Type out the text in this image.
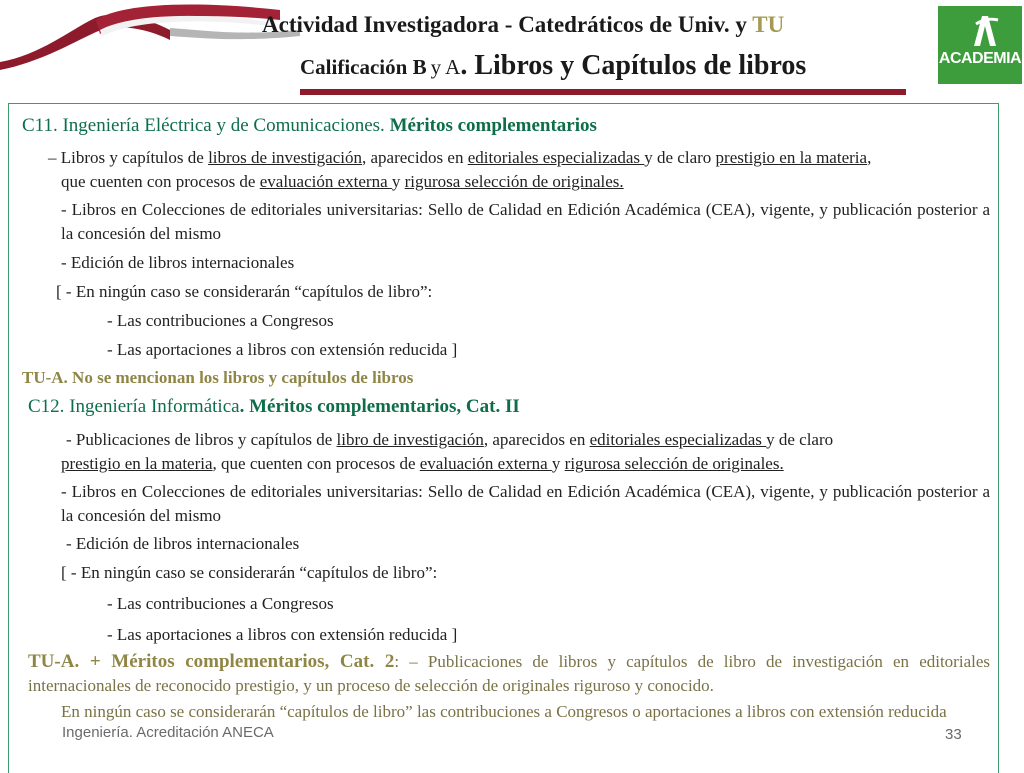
Actividad Investigadora - Catedráticos de Univ. y TU
Calificación B y A. Libros y Capítulos de libros	ACADEMIA
C11. Ingeniería Eléctrica y de Comunicaciones. Méritos complementarios
– Libros y capítulos de libros de investigación, aparecidos en editoriales especializadas y de claro prestigio en la materia,
que cuenten con procesos de evaluación externa y rigurosa selección de originales.
- Libros en Colecciones de editoriales universitarias: Sello de Calidad en Edición Académica (CEA), vigente, y publicación posterior a la concesión del mismo
- Edición de libros internacionales
[ - En ningún caso se considerarán “capítulos de libro”:
- Las contribuciones a Congresos
- Las aportaciones a libros con extensión reducida ]
TU-A. No se mencionan los libros y capítulos de libros
C12. Ingeniería Informática. Méritos complementarios, Cat. II
- Publicaciones de libros y capítulos de libro de investigación, aparecidos en editoriales especializadas y de claro
prestigio en la materia, que cuenten con procesos de evaluación externa y rigurosa selección de originales.
- Libros en Colecciones de editoriales universitarias: Sello de Calidad en Edición Académica (CEA), vigente, y publicación posterior a la concesión del mismo
- Edición de libros internacionales
[ - En ningún caso se considerarán “capítulos de libro”:
- Las contribuciones a Congresos
- Las aportaciones a libros con extensión reducida ]
TU-A. + Méritos complementarios, Cat. 2: – Publicaciones de libros y capítulos de libro de investigación en editoriales internacionales de reconocido prestigio, y un proceso de selección de originales riguroso y conocido.
En ningún caso se considerarán “capítulos de libro” las contribuciones a Congresos o aportaciones a libros con extensión reducida
Ingeniería. Acreditación ANECA	33
